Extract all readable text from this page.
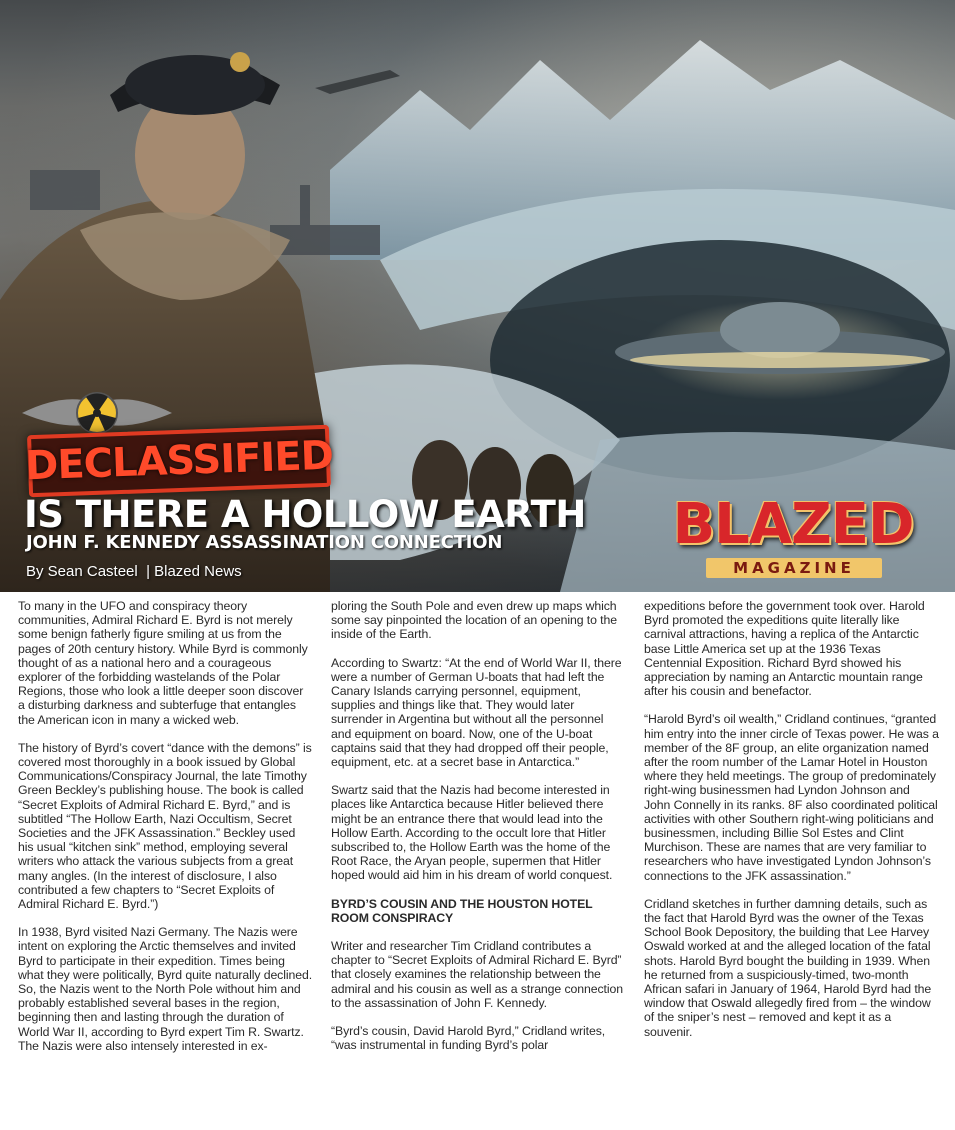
DECLASSIFIED
IS THERE A HOLLOW EARTH
JOHN F. KENNEDY ASSASSINATION CONNECTION
By Sean Casteel  | Blazed News
BLAZED
MAGAZINE

To many in the UFO and conspiracy theory communities, Admiral Richard E. Byrd is not merely some benign fatherly figure smiling at us from the pages of 20th century history. While Byrd is commonly thought of as a national hero and a courageous explorer of the forbidding wastelands of the Polar Regions, those who look a little deeper soon discover a disturbing darkness and subterfuge that entangles the American icon in many a wicked web.

The history of Byrd’s covert “dance with the demons” is covered most thoroughly in a book issued by Global Communications/Conspiracy Journal, the late Timothy Green Beckley’s publishing house. The book is called “Secret Exploits of Admiral Richard E. Byrd,” and is subtitled “The Hollow Earth, Nazi Occultism, Secret Societies and the JFK Assassination.” Beckley used his usual “kitchen sink” method, employing several writers who attack the various subjects from a great many angles. (In the interest of disclosure, I also contributed a few chapters to “Secret Exploits of Admiral Richard E. Byrd.”)

In 1938, Byrd visited Nazi Germany. The Nazis were intent on exploring the Arctic themselves and invited Byrd to participate in their expedition. Times being what they were politically, Byrd quite naturally declined. So, the Nazis went to the North Pole without him and probably established several bases in the region, beginning then and lasting through the duration of World War II, according to Byrd expert Tim R. Swartz. The Nazis were also intensely interested in ex-

ploring the South Pole and even drew up maps which some say pinpointed the location of an opening to the inside of the Earth.

According to Swartz: “At the end of World War II, there were a number of German U-boats that had left the Canary Islands carrying personnel, equipment, supplies and things like that. They would later surrender in Argentina but without all the personnel and equipment on board. Now, one of the U-boat captains said that they had dropped off their people, equipment, etc. at a secret base in Antarctica.”

Swartz said that the Nazis had become interested in places like Antarctica because Hitler believed there might be an entrance there that would lead into the Hollow Earth. According to the occult lore that Hitler subscribed to, the Hollow Earth was the home of the Root Race, the Aryan people, supermen that Hitler hoped would aid him in his dream of world conquest.

BYRD’S COUSIN AND THE HOUSTON HOTEL ROOM CONSPIRACY

Writer and researcher Tim Cridland contributes a chapter to “Secret Exploits of Admiral Richard E. Byrd” that closely examines the relationship between the admiral and his cousin as well as a strange connection to the assassination of John F. Kennedy.

“Byrd’s cousin, David Harold Byrd,” Cridland writes, “was instrumental in funding Byrd’s polar

expeditions before the government took over. Harold Byrd promoted the expeditions quite literally like carnival attractions, having a replica of the Antarctic base Little America set up at the 1936 Texas Centennial Exposition. Richard Byrd showed his appreciation by naming an Antarctic mountain range after his cousin and benefactor.

“Harold Byrd’s oil wealth,” Cridland continues, “granted him entry into the inner circle of Texas power. He was a member of the 8F group, an elite organization named after the room number of the Lamar Hotel in Houston where they held meetings. The group of predominately right-wing businessmen had Lyndon Johnson and John Connelly in its ranks. 8F also coordinated political activities with other Southern right-wing politicians and businessmen, including Billie Sol Estes and Clint Murchison. These are names that are very familiar to researchers who have investigated Lyndon Johnson’s connections to the JFK assassination.”

Cridland sketches in further damning details, such as the fact that Harold Byrd was the owner of the Texas School Book Depository, the building that Lee Harvey Oswald worked at and the alleged location of the fatal shots. Harold Byrd bought the building in 1939. When he returned from a suspiciously-timed, two-month African safari in January of 1964, Harold Byrd had the window that Oswald allegedly fired from – the window of the sniper’s nest – removed and kept it as a souvenir.
